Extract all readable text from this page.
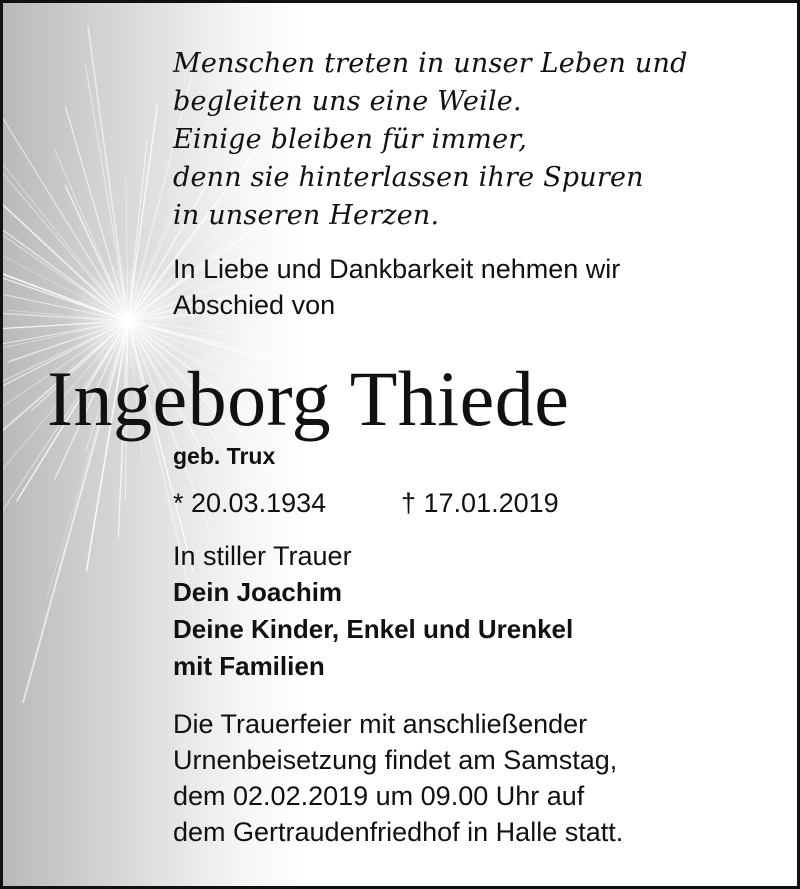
Menschen treten in unser Leben und
begleiten uns eine Weile.
Einige bleiben für immer,
denn sie hinterlassen ihre Spuren
in unseren Herzen.
In Liebe und Dankbarkeit nehmen wir
Abschied von
Ingeborg Thiede
geb. Trux
* 20.03.1934	† 17.01.2019
In stiller Trauer
Dein Joachim
Deine Kinder, Enkel und Urenkel
mit Familien
Die Trauerfeier mit anschließender
Urnenbeisetzung findet am Samstag,
dem 02.02.2019 um 09.00 Uhr auf
dem Gertraudenfriedhof in Halle statt.
